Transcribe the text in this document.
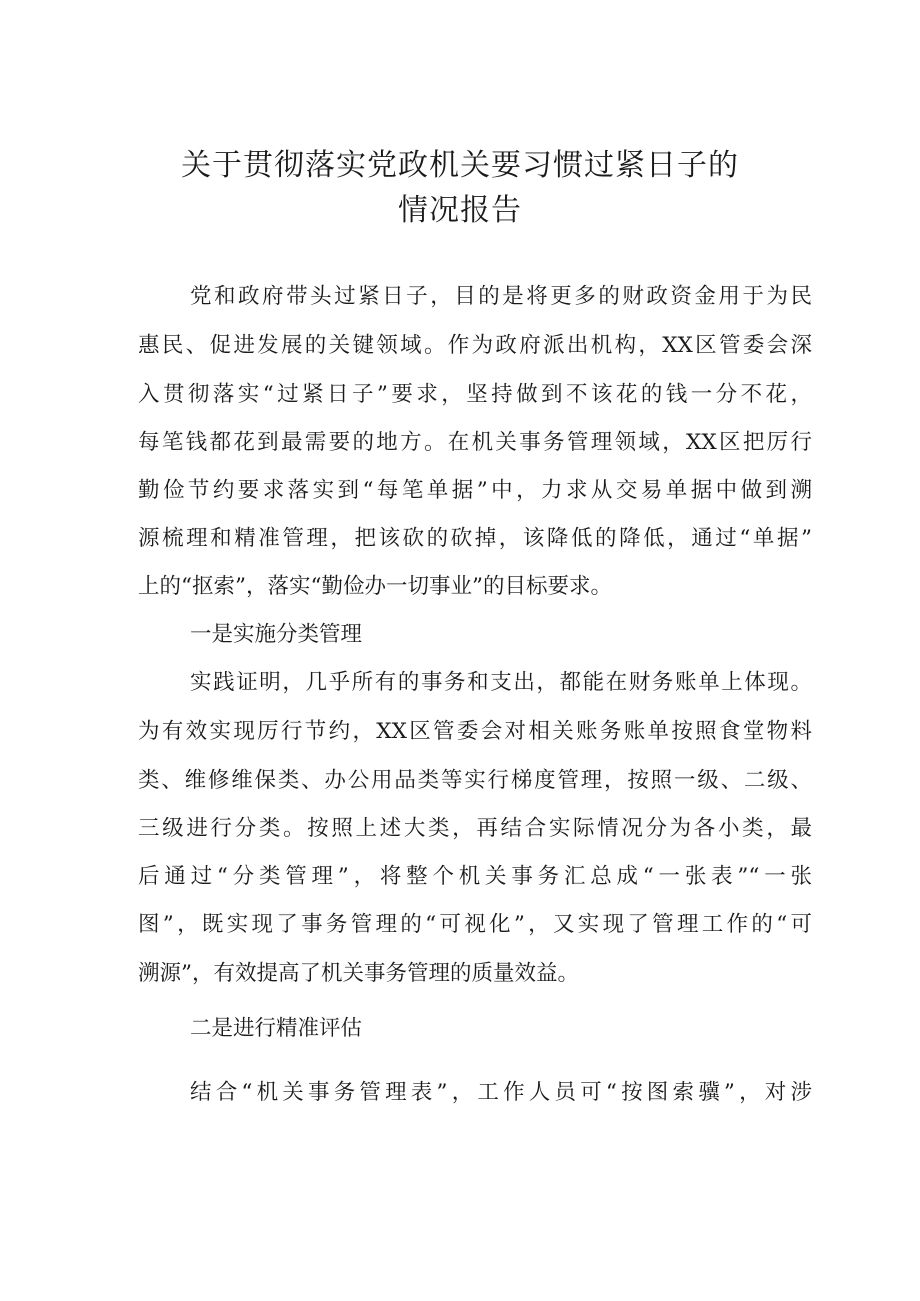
关于贯彻落实党政机关要习惯过紧日子的
情况报告

党和政府带头过紧日子，目的是将更多的财政资金用于为民

惠民、促进发展的关键领域。作为政府派出机构，XX区管委会深

入贯彻落实“过紧日子”要求，坚持做到不该花的钱一分不花，

每笔钱都花到最需要的地方。在机关事务管理领域，XX区把厉行

勤俭节约要求落实到“每笔单据”中，力求从交易单据中做到溯

源梳理和精准管理，把该砍的砍掉，该降低的降低，通过“单据”

上的“抠索”，落实“勤俭办一切事业”的目标要求。

一是实施分类管理

实践证明，几乎所有的事务和支出，都能在财务账单上体现。

为有效实现厉行节约，XX区管委会对相关账务账单按照食堂物料

类、维修维保类、办公用品类等实行梯度管理，按照一级、二级、

三级进行分类。按照上述大类，再结合实际情况分为各小类，最

后通过“分类管理”，将整个机关事务汇总成“一张表”“一张

图”，既实现了事务管理的“可视化”，又实现了管理工作的“可

溯源”，有效提高了机关事务管理的质量效益。

二是进行精准评估

结合“机关事务管理表”，工作人员可“按图索骥”，对涉
